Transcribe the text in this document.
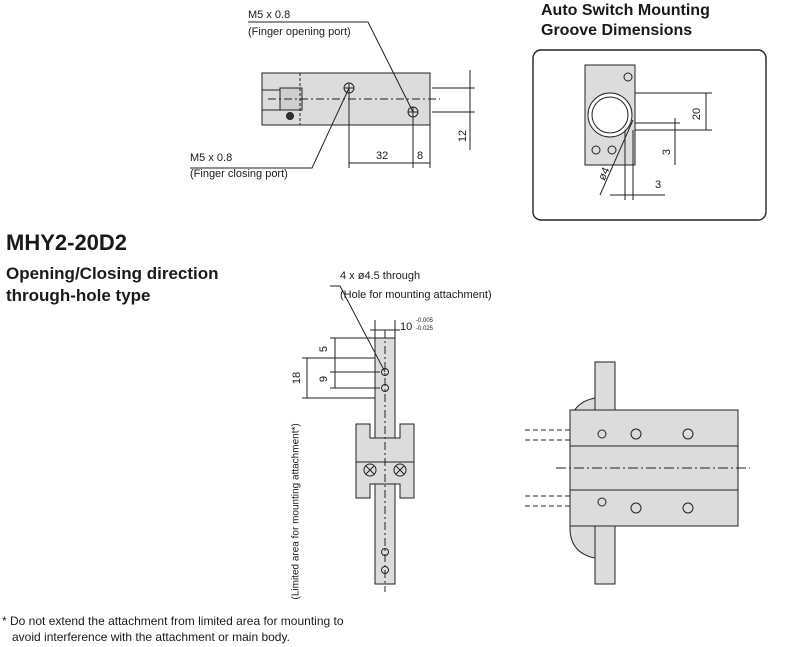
M5 x 0.8
(Finger opening port)
M5 x 0.8
(Finger closing port)
32	8
12
Auto Switch Mounting
Groove Dimensions
20
3
3
ø4
MHY2-20D2
Opening/Closing direction
through-hole type
4 x ø4.5 through
(Hole for mounting attachment)
10 -0.005
-0.025
5
9
18
(Limited area for mounting attachment*)
* Do not extend the attachment from limited area for mounting to
avoid interference with the attachment or main body.
